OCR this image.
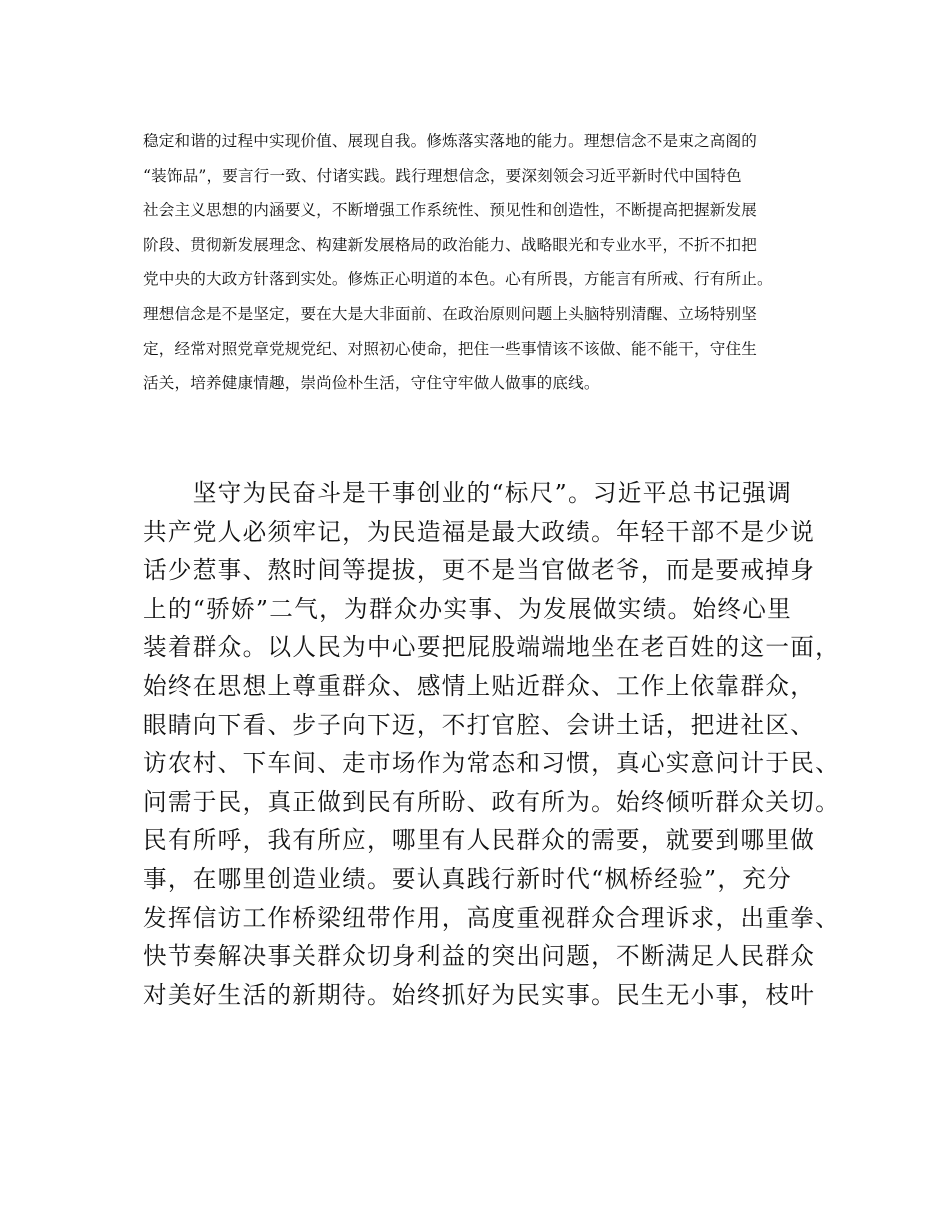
稳定和谐的过程中实现价值、展现自我。修炼落实落地的能力。理想信念不是束之高阁的
“装饰品”，要言行一致、付诸实践。践行理想信念，要深刻领会习近平新时代中国特色
社会主义思想的内涵要义，不断增强工作系统性、预见性和创造性，不断提高把握新发展
阶段、贯彻新发展理念、构建新发展格局的政治能力、战略眼光和专业水平，不折不扣把
党中央的大政方针落到实处。修炼正心明道的本色。心有所畏，方能言有所戒、行有所止。
理想信念是不是坚定，要在大是大非面前、在政治原则问题上头脑特别清醒、立场特别坚
定，经常对照党章党规党纪、对照初心使命，把住一些事情该不该做、能不能干，守住生
活关，培养健康情趣，崇尚俭朴生活，守住守牢做人做事的底线。
　　坚守为民奋斗是干事创业的“标尺”。习近平总书记强调
共产党人必须牢记，为民造福是最大政绩。年轻干部不是少说
话少惹事、熬时间等提拔，更不是当官做老爷，而是要戒掉身
上的“骄娇”二气，为群众办实事、为发展做实绩。始终心里
装着群众。以人民为中心要把屁股端端地坐在老百姓的这一面，
始终在思想上尊重群众、感情上贴近群众、工作上依靠群众，
眼睛向下看、步子向下迈，不打官腔、会讲土话，把进社区、
访农村、下车间、走市场作为常态和习惯，真心实意问计于民、
问需于民，真正做到民有所盼、政有所为。始终倾听群众关切。
民有所呼，我有所应，哪里有人民群众的需要，就要到哪里做
事，在哪里创造业绩。要认真践行新时代“枫桥经验”，充分
发挥信访工作桥梁纽带作用，高度重视群众合理诉求，出重拳、
快节奏解决事关群众切身利益的突出问题，不断满足人民群众
对美好生活的新期待。始终抓好为民实事。民生无小事，枝叶
